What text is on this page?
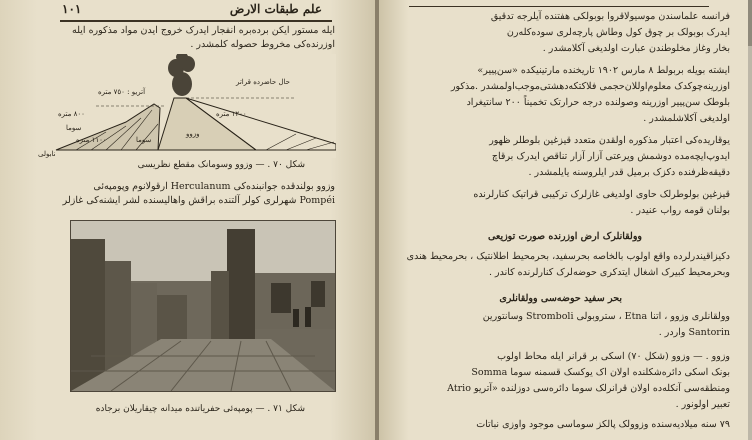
١٠١	علم طبقات الارض
ایله مستور ایکن برده‌بره انفجار ایدرک خروج ایدن مواد مذکوره ایله
اوزرنده‌کی مخروط حصوله کلمشدر .
حال حاضرده قراتر
١٢٠٠ متره
آتریو : ٧٥٠ متره
٨٠٠ متره
سوما
١١٠٠ متره
نابولی
سوما
وزوو
شکل ٧٠ . — وزوو وسومانک مقطع نظریسی
وزوو بولندقده جوانبنده‌کی Herculanum ارقولانوم وپومپه‌ئی
Pompéi شهرلری کولر آلتنده براقش واهالیسنده لشر ایشنه‌کی غازلر
شکل ٧١ . — پومپه‌ئی حفریاتنده میدانه چیقاریلان برجاده
فرانسه علماسندن موسیولاقروا بوبولکی هفتنده آیلرجه تدقیق
ایدرک بوبولک بر چوق کول وطاش پارچه‌لری سوده‌کله‌رن
بخار وغاز مخلوطندن عبارت اولدیغی آکلامشدر .
ایشته بویله بربولط ٨ مارس ١٩٠٢ تاریخنده مارتینیکده «سن‌پییر»
اوزرینه‌چوکدک معلوم‌اوللان‌حجمی فلاکتکه‌دهشتی‌موجب‌اولمشدر .مذکور
بلوطک سن‌پییر اوزرینه وصولنده درجه حرارتک تخمیناً ٢٠٠ سانتیغراد
اولدیغی آکلاشلمشدر .
یوقاریده‌کی اعتبار مذکوره اولقدن متعدد قیزغین بلوطلر ظهور
ایدوپ‌ایچه‌مده دوشمش ویرعتی آزار آزار تناقص ایدرک برقاچ
دقیقه‌ظرفنده دکزک برمیل قدر ایلروسنه یایلمشدر .
قیزغین بولوطرلک حاوی اولدیغی غازلرک ترکیبی قراتیک کنارلرنده
بولنان قومه رواب عنیدر .
وولقانلرک ارض اوزرنده صورت توزیعی
دکیزاقیندرلرده واقع اولوب بالخاصه بحرسفید، بحرمحیط اطلانتیک ، بحرمحیط هندی
وبحرمحیط کبیرک اشغال ایتدکری حوضه‌لرک کنارلرنده کاندر .
بحر سفید حوضه‌سی وولقانلری
وولقانلری وزوو ، اتنا Etna ، ستروبولی Stromboli وسانتورین
Santorin واردر .
وزوو . — وزوو (شکل ٧٠) اسکی بر قرانر ایله محاط اولوب
بونک اسکی دائره‌شکلنده اولان اک یوکسک قسمنه سوما Somma
ومنطقه‌سی آنکله‌ده اولان قرانرلک سوما دائره‌سی دوزلنده «آتریو Atrio
تعبیر اولونور .
٧٩ سنه میلادیه‌سنده وزوولک پالکز سوماسی موجود واوزی نباتات
